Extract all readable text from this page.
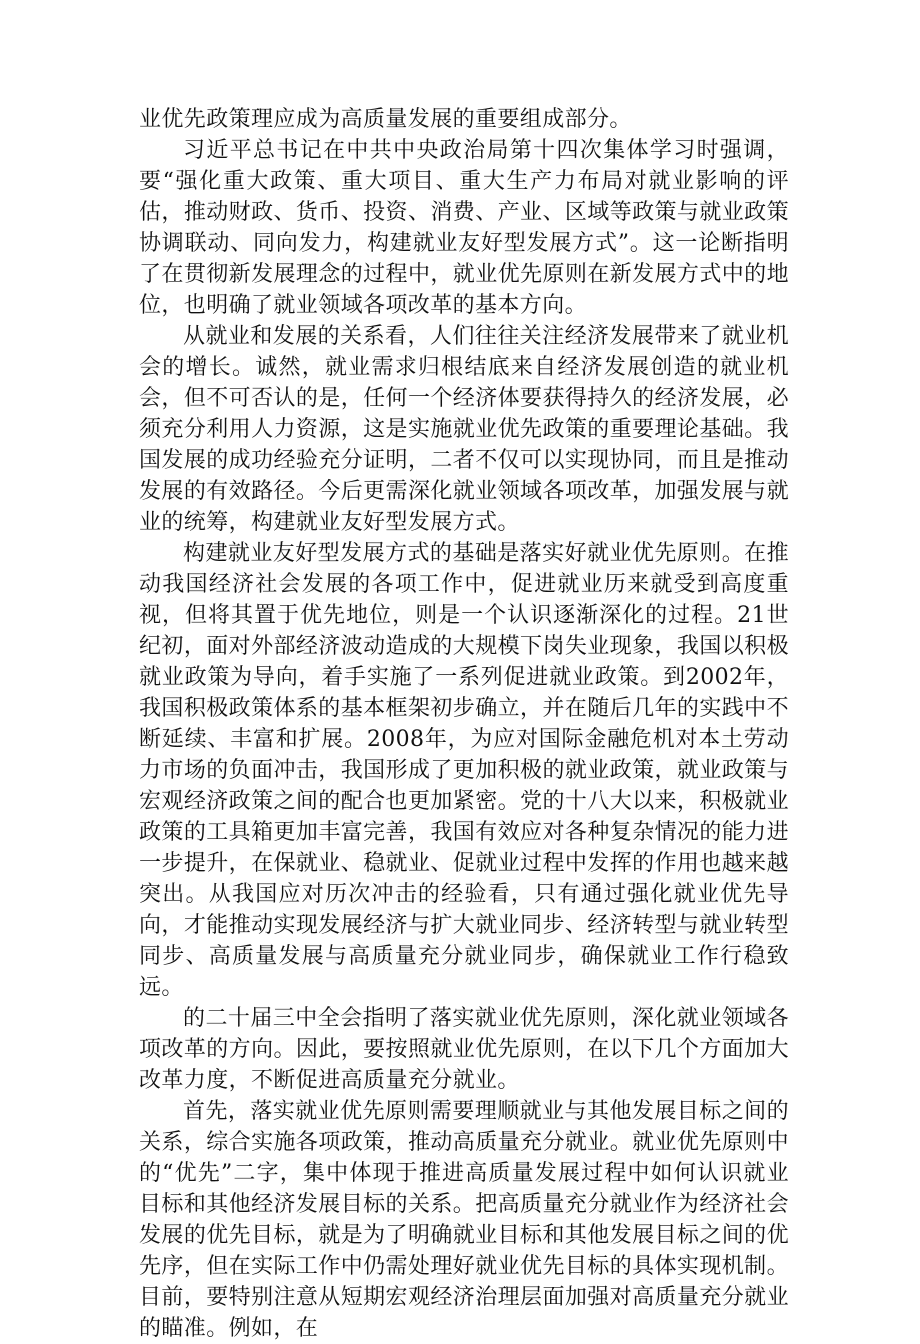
业优先政策理应成为高质量发展的重要组成部分。

习近平总书记在中共中央政治局第十四次集体学习时强调，要“强化重大政策、重大项目、重大生产力布局对就业影响的评估，推动财政、货币、投资、消费、产业、区域等政策与就业政策协调联动、同向发力，构建就业友好型发展方式”。这一论断指明了在贯彻新发展理念的过程中，就业优先原则在新发展方式中的地位，也明确了就业领域各项改革的基本方向。

从就业和发展的关系看，人们往往关注经济发展带来了就业机会的增长。诚然，就业需求归根结底来自经济发展创造的就业机会，但不可否认的是，任何一个经济体要获得持久的经济发展，必须充分利用人力资源，这是实施就业优先政策的重要理论基础。我国发展的成功经验充分证明，二者不仅可以实现协同，而且是推动发展的有效路径。今后更需深化就业领域各项改革，加强发展与就业的统筹，构建就业友好型发展方式。

构建就业友好型发展方式的基础是落实好就业优先原则。在推动我国经济社会发展的各项工作中，促进就业历来就受到高度重视，但将其置于优先地位，则是一个认识逐渐深化的过程。21世纪初，面对外部经济波动造成的大规模下岗失业现象，我国以积极就业政策为导向，着手实施了一系列促进就业政策。到2002年，我国积极政策体系的基本框架初步确立，并在随后几年的实践中不断延续、丰富和扩展。2008年，为应对国际金融危机对本土劳动力市场的负面冲击，我国形成了更加积极的就业政策，就业政策与宏观经济政策之间的配合也更加紧密。党的十八大以来，积极就业政策的工具箱更加丰富完善，我国有效应对各种复杂情况的能力进一步提升，在保就业、稳就业、促就业过程中发挥的作用也越来越突出。从我国应对历次冲击的经验看，只有通过强化就业优先导向，才能推动实现发展经济与扩大就业同步、经济转型与就业转型同步、高质量发展与高质量充分就业同步，确保就业工作行稳致远。

的二十届三中全会指明了落实就业优先原则，深化就业领域各项改革的方向。因此，要按照就业优先原则，在以下几个方面加大改革力度，不断促进高质量充分就业。

首先，落实就业优先原则需要理顺就业与其他发展目标之间的关系，综合实施各项政策，推动高质量充分就业。就业优先原则中的“优先”二字，集中体现于推进高质量发展过程中如何认识就业目标和其他经济发展目标的关系。把高质量充分就业作为经济社会发展的优先目标，就是为了明确就业目标和其他发展目标之间的优先序，但在实际工作中仍需处理好就业优先目标的具体实现机制。目前，要特别注意从短期宏观经济治理层面加强对高质量充分就业的瞄准。例如，在
